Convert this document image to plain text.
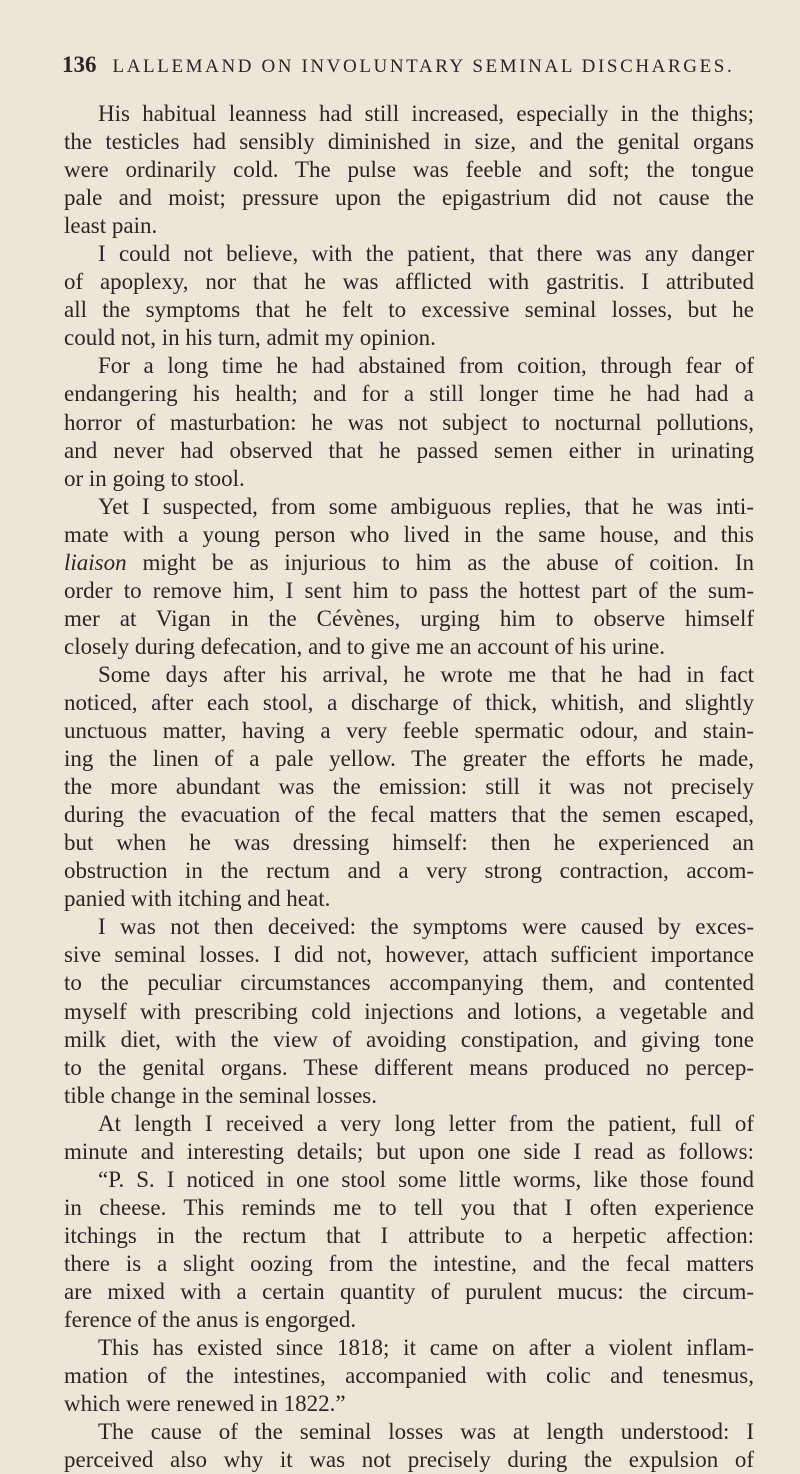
136 LALLEMAND ON INVOLUNTARY SEMINAL DISCHARGES.
His habitual leanness had still increased, especially in the thighs;
the testicles had sensibly diminished in size, and the genital organs
were ordinarily cold. The pulse was feeble and soft; the tongue
pale and moist; pressure upon the epigastrium did not cause the
least pain.
I could not believe, with the patient, that there was any danger
of apoplexy, nor that he was afflicted with gastritis. I attributed
all the symptoms that he felt to excessive seminal losses, but he
could not, in his turn, admit my opinion.
For a long time he had abstained from coition, through fear of
endangering his health; and for a still longer time he had had a
horror of masturbation: he was not subject to nocturnal pollutions,
and never had observed that he passed semen either in urinating
or in going to stool.
Yet I suspected, from some ambiguous replies, that he was inti-
mate with a young person who lived in the same house, and this
liaison might be as injurious to him as the abuse of coition. In
order to remove him, I sent him to pass the hottest part of the sum-
mer at Vigan in the Cévènes, urging him to observe himself
closely during defecation, and to give me an account of his urine.
Some days after his arrival, he wrote me that he had in fact
noticed, after each stool, a discharge of thick, whitish, and slightly
unctuous matter, having a very feeble spermatic odour, and stain-
ing the linen of a pale yellow. The greater the efforts he made,
the more abundant was the emission: still it was not precisely
during the evacuation of the fecal matters that the semen escaped,
but when he was dressing himself: then he experienced an
obstruction in the rectum and a very strong contraction, accom-
panied with itching and heat.
I was not then deceived: the symptoms were caused by exces-
sive seminal losses. I did not, however, attach sufficient importance
to the peculiar circumstances accompanying them, and contented
myself with prescribing cold injections and lotions, a vegetable and
milk diet, with the view of avoiding constipation, and giving tone
to the genital organs. These different means produced no percep-
tible change in the seminal losses.
At length I received a very long letter from the patient, full of
minute and interesting details; but upon one side I read as follows:
“P. S. I noticed in one stool some little worms, like those found
in cheese. This reminds me to tell you that I often experience
itchings in the rectum that I attribute to a herpetic affection:
there is a slight oozing from the intestine, and the fecal matters
are mixed with a certain quantity of purulent mucus: the circum-
ference of the anus is engorged.
This has existed since 1818; it came on after a violent inflam-
mation of the intestines, accompanied with colic and tenesmus,
which were renewed in 1822.”
The cause of the seminal losses was at length understood: I
perceived also why it was not precisely during the expulsion of
